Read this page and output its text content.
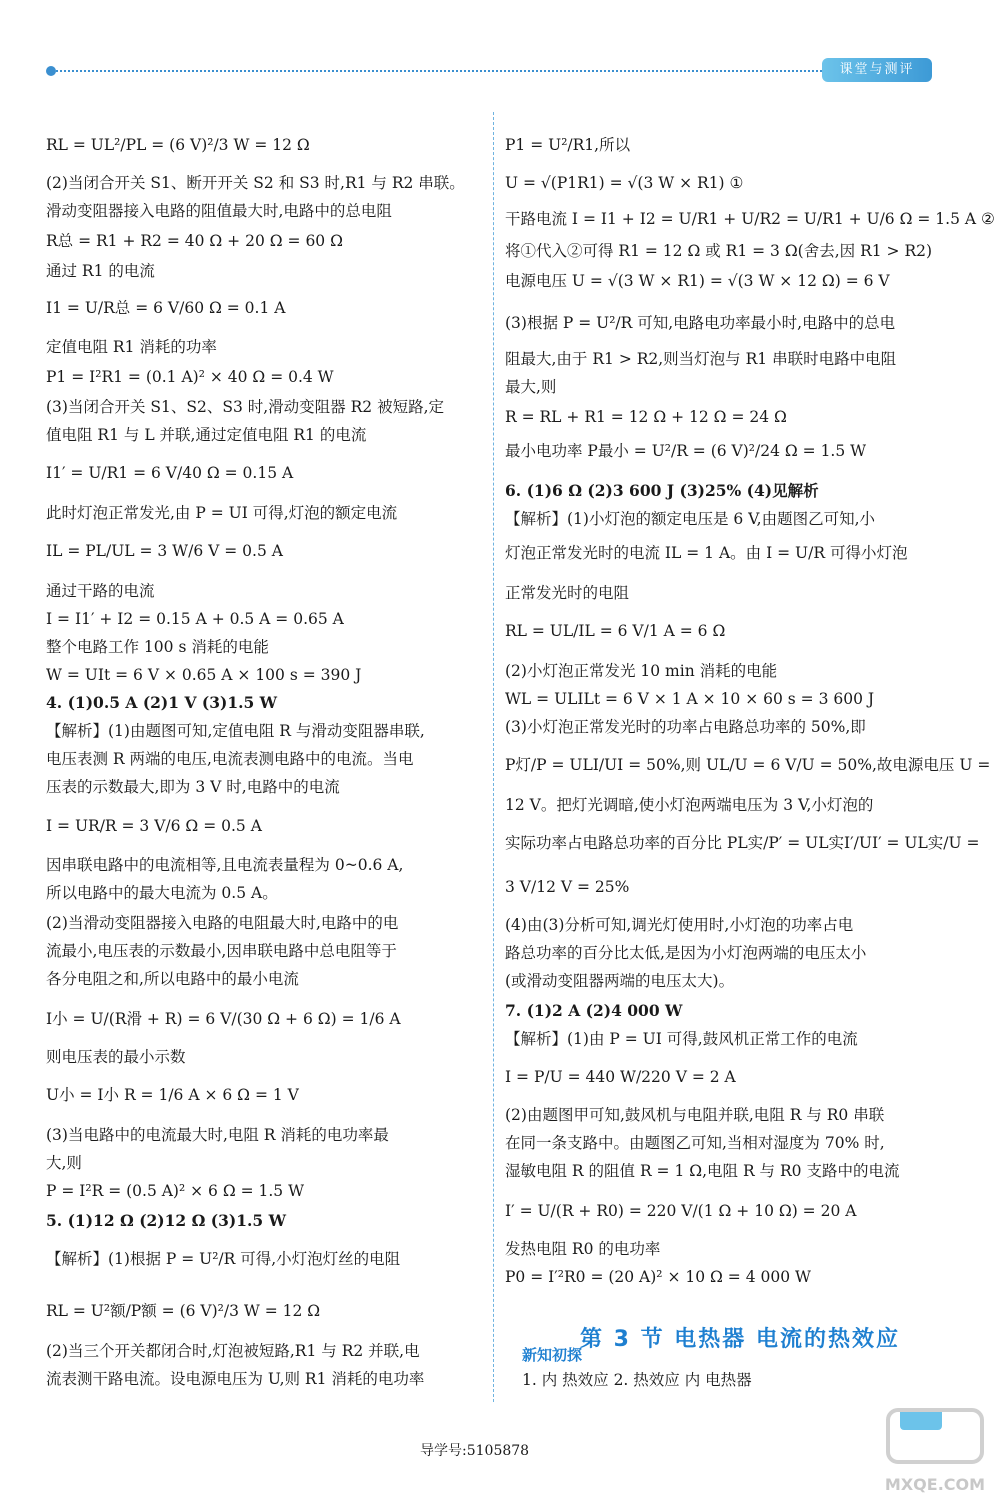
课堂与测评
RL = UL²/PL = (6 V)²/3 W = 12 Ω
(2)当闭合开关 S1、断开开关 S2 和 S3 时,R1 与 R2 串联。
滑动变阻器接入电路的阻值最大时,电路中的总电阻
R总 = R1 + R2 = 40 Ω + 20 Ω = 60 Ω
通过 R1 的电流
I1 = U/R总 = 6 V/60 Ω = 0.1 A
定值电阻 R1 消耗的功率
P1 = I²R1 = (0.1 A)² × 40 Ω = 0.4 W
(3)当闭合开关 S1、S2、S3 时,滑动变阻器 R2 被短路,定
值电阻 R1 与 L 并联,通过定值电阻 R1 的电流
I1′ = U/R1 = 6 V/40 Ω = 0.15 A
此时灯泡正常发光,由 P = UI 可得,灯泡的额定电流
IL = PL/UL = 3 W/6 V = 0.5 A
通过干路的电流
I = I1′ + I2 = 0.15 A + 0.5 A = 0.65 A
整个电路工作 100 s 消耗的电能
W = UIt = 6 V × 0.65 A × 100 s = 390 J
4. (1)0.5 A (2)1 V (3)1.5 W
【解析】(1)由题图可知,定值电阻 R 与滑动变阻器串联,
电压表测 R 两端的电压,电流表测电路中的电流。当电
压表的示数最大,即为 3 V 时,电路中的电流
I = UR/R = 3 V/6 Ω = 0.5 A
因串联电路中的电流相等,且电流表量程为 0~0.6 A,
所以电路中的最大电流为 0.5 A。
(2)当滑动变阻器接入电路的电阻最大时,电路中的电
流最小,电压表的示数最小,因串联电路中总电阻等于
各分电阻之和,所以电路中的最小电流
I小 = U/(R滑 + R) = 6 V/(30 Ω + 6 Ω) = 1/6 A
则电压表的最小示数
U小 = I小 R = 1/6 A × 6 Ω = 1 V
(3)当电路中的电流最大时,电阻 R 消耗的电功率最
大,则
P = I²R = (0.5 A)² × 6 Ω = 1.5 W
5. (1)12 Ω (2)12 Ω (3)1.5 W
【解析】(1)根据 P = U²/R 可得,小灯泡灯丝的电阻
RL = U²额/P额 = (6 V)²/3 W = 12 Ω
(2)当三个开关都闭合时,灯泡被短路,R1 与 R2 并联,电
流表测干路电流。设电源电压为 U,则 R1 消耗的电功率
P1 = U²/R1,所以
U = √(P1R1) = √(3 W × R1) ①
干路电流 I = I1 + I2 = U/R1 + U/R2 = U/R1 + U/6 Ω = 1.5 A ②
将①代入②可得 R1 = 12 Ω 或 R1 = 3 Ω(舍去,因 R1 > R2)
电源电压 U = √(3 W × R1) = √(3 W × 12 Ω) = 6 V
(3)根据 P = U²/R 可知,电路电功率最小时,电路中的总电
阻最大,由于 R1 > R2,则当灯泡与 R1 串联时电路中电阻
最大,则
R = RL + R1 = 12 Ω + 12 Ω = 24 Ω
最小电功率 P最小 = U²/R = (6 V)²/24 Ω = 1.5 W
6. (1)6 Ω (2)3 600 J (3)25% (4)见解析
【解析】(1)小灯泡的额定电压是 6 V,由题图乙可知,小
灯泡正常发光时的电流 IL = 1 A。由 I = U/R 可得小灯泡
正常发光时的电阻
RL = UL/IL = 6 V/1 A = 6 Ω
(2)小灯泡正常发光 10 min 消耗的电能
WL = ULILt = 6 V × 1 A × 10 × 60 s = 3 600 J
(3)小灯泡正常发光时的功率占电路总功率的 50%,即
P灯/P = ULI/UI = 50%,则 UL/U = 6 V/U = 50%,故电源电压 U =
12 V。把灯光调暗,使小灯泡两端电压为 3 V,小灯泡的
实际功率占电路总功率的百分比 PL实/P′ = UL实I′/UI′ = UL实/U =
3 V/12 V = 25%
(4)由(3)分析可知,调光灯使用时,小灯泡的功率占电
路总功率的百分比太低,是因为小灯泡两端的电压太小
(或滑动变阻器两端的电压太大)。
7. (1)2 A (2)4 000 W
【解析】(1)由 P = UI 可得,鼓风机正常工作的电流
I = P/U = 440 W/220 V = 2 A
(2)由题图甲可知,鼓风机与电阻并联,电阻 R 与 R0 串联
在同一条支路中。由题图乙可知,当相对湿度为 70% 时,
湿敏电阻 R 的阻值 R = 1 Ω,电阻 R 与 R0 支路中的电流
I′ = U/(R + R0) = 220 V/(1 Ω + 10 Ω) = 20 A
发热电阻 R0 的电功率
P0 = I′²R0 = (20 A)² × 10 Ω = 4 000 W
第 3 节 电热器 电流的热效应
新知初探
1. 内 热效应 2. 热效应 内 电热器
导学号:5105878
MXQE.COM
